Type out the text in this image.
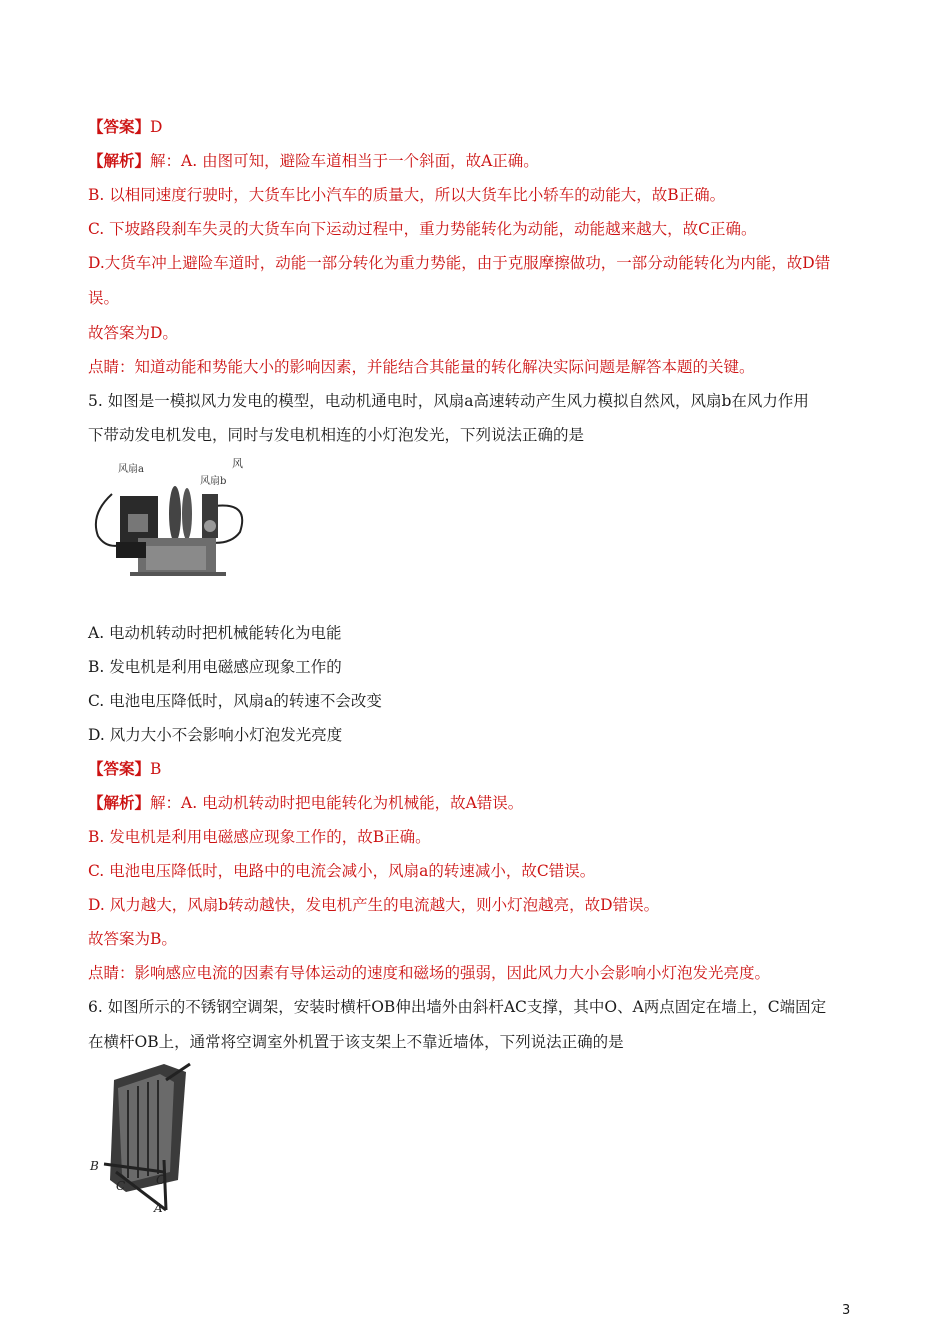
【答案】D
【解析】解：A. 由图可知，避险车道相当于一个斜面，故A正确。
B. 以相同速度行驶时，大货车比小汽车的质量大，所以大货车比小轿车的动能大，故B正确。
C. 下坡路段刹车失灵的大货车向下运动过程中，重力势能转化为动能，动能越来越大，故C正确。
D.大货车冲上避险车道时，动能一部分转化为重力势能，由于克服摩擦做功，一部分动能转化为内能，故D错
误。
故答案为D。
点睛：知道动能和势能大小的影响因素，并能结合其能量的转化解决实际问题是解答本题的关键。
5. 如图是一模拟风力发电的模型，电动机通电时，风扇a高速转动产生风力模拟自然风，风扇b在风力作用
下带动发电机发电，同时与发电机相连的小灯泡发光，下列说法正确的是
风扇a	风
风扇b
A. 电动机转动时把机械能转化为电能
B. 发电机是利用电磁感应现象工作的
C. 电池电压降低时，风扇a的转速不会改变
D. 风力大小不会影响小灯泡发光亮度
【答案】B
【解析】解：A. 电动机转动时把电能转化为机械能，故A错误。
B. 发电机是利用电磁感应现象工作的，故B正确。
C. 电池电压降低时，电路中的电流会减小，风扇a的转速减小，故C错误。
D. 风力越大，风扇b转动越快，发电机产生的电流越大，则小灯泡越亮，故D错误。
故答案为B。
点睛：影响感应电流的因素有导体运动的速度和磁场的强弱，因此风力大小会影响小灯泡发光亮度。
6. 如图所示的不锈钢空调架，安装时横杆OB伸出墙外由斜杆AC支撑，其中O、A两点固定在墙上，C端固定
在横杆OB上，通常将空调室外机置于该支架上不靠近墙体，下列说法正确的是
B
C	O
A
3
